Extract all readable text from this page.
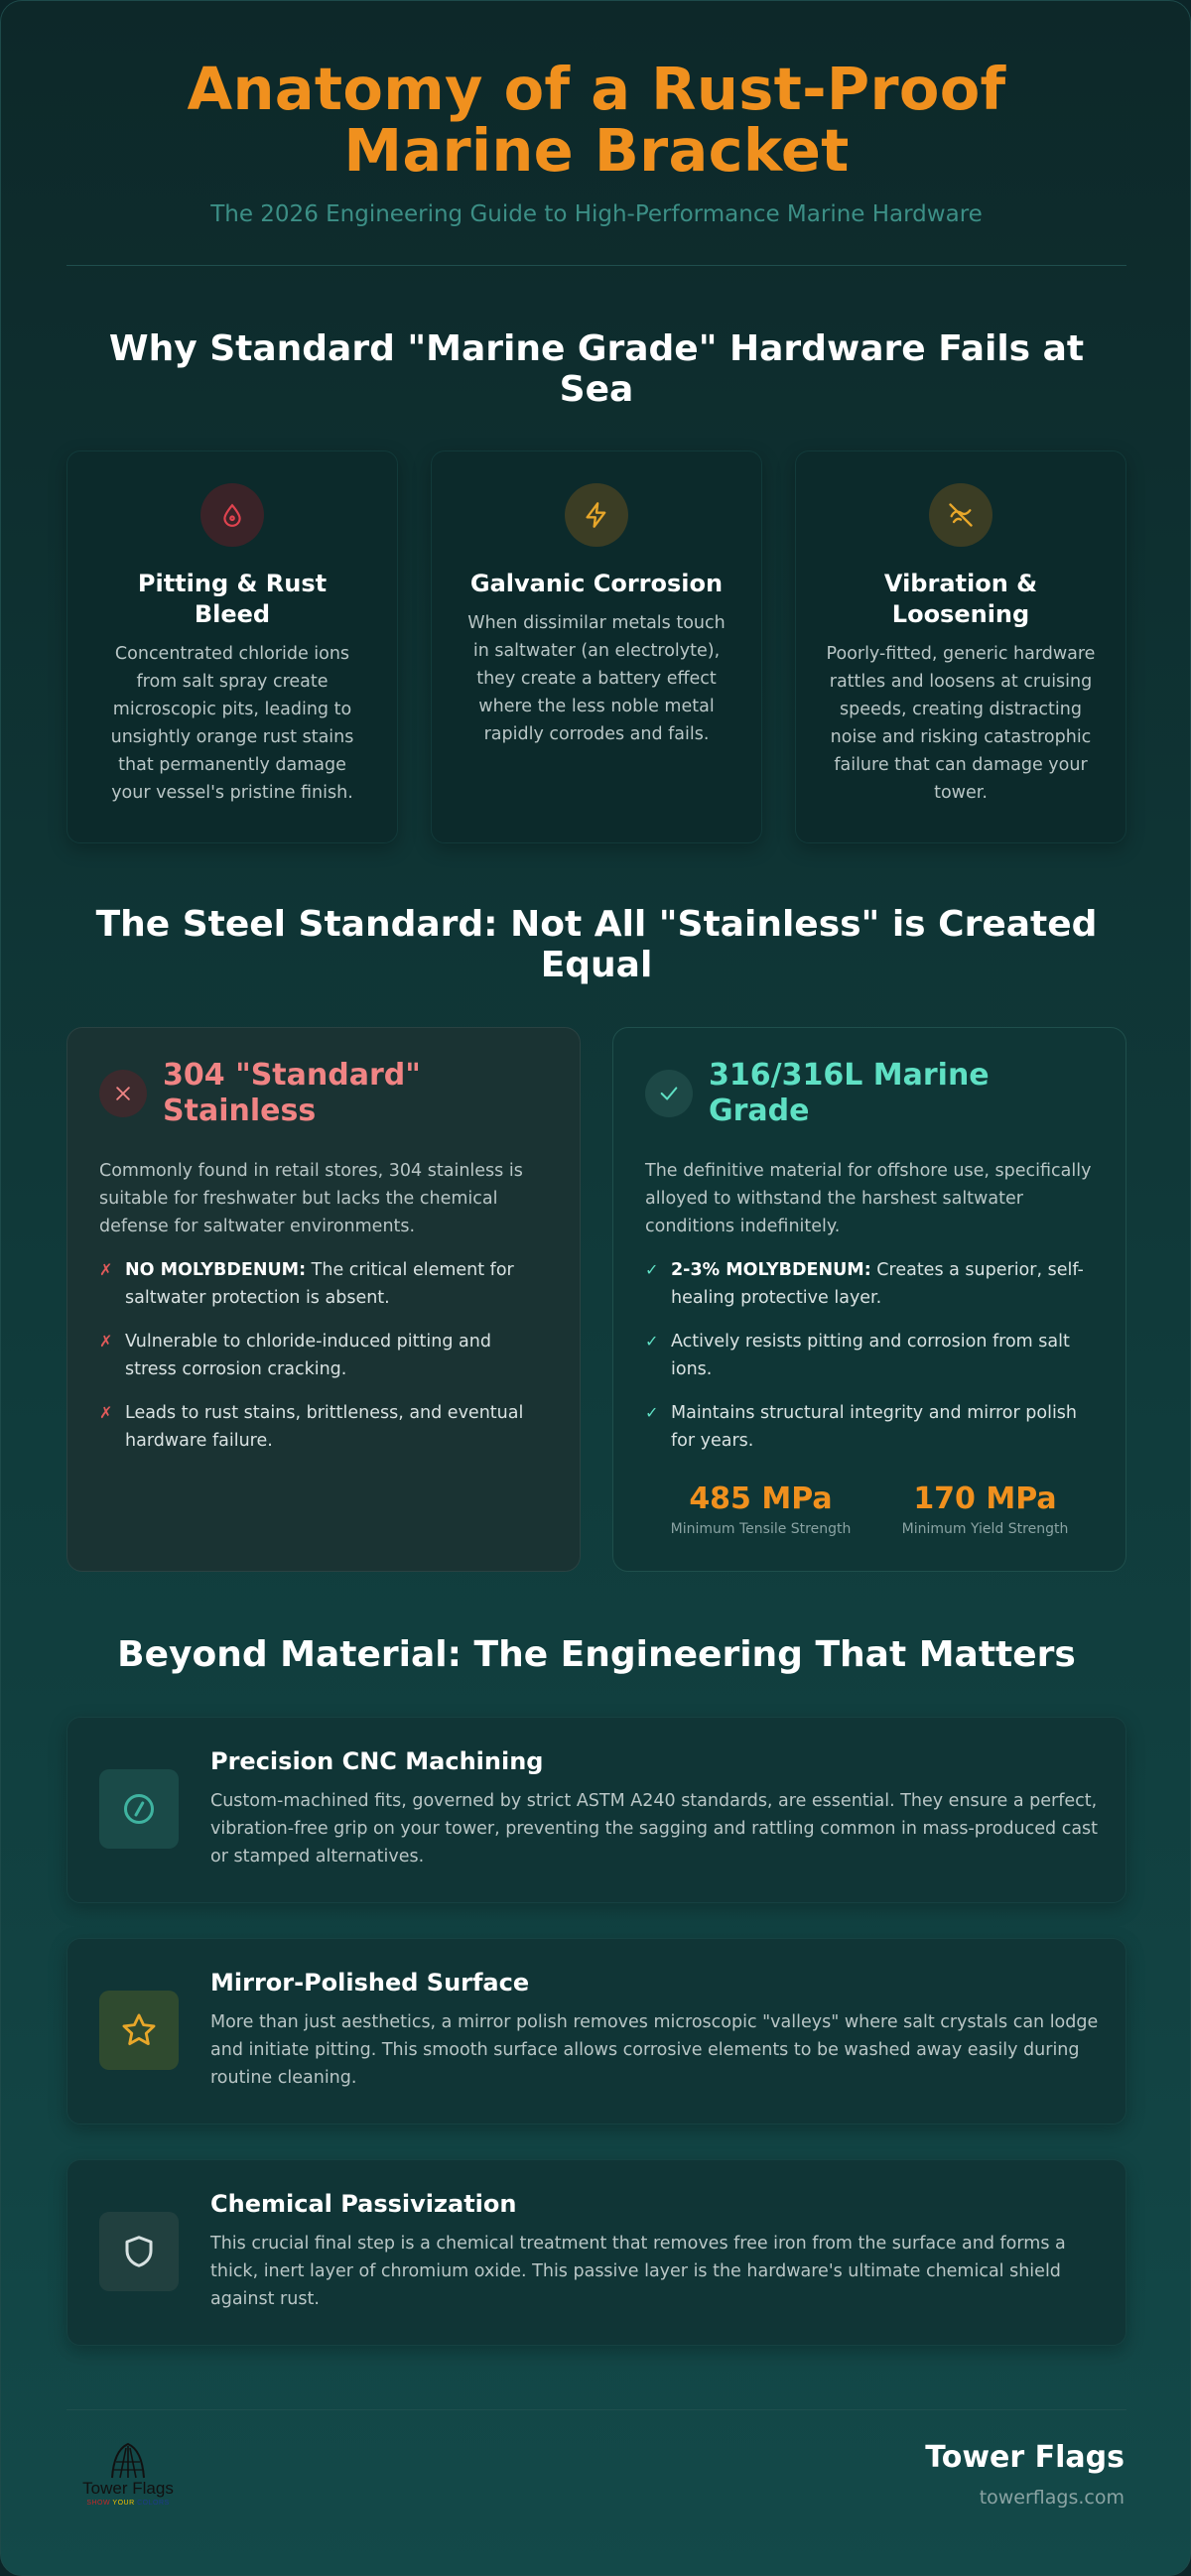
Anatomy of a Rust-Proof Marine Bracket
The 2026 Engineering Guide to High-Performance Marine Hardware
Why Standard "Marine Grade" Hardware Fails at Sea
Pitting & Rust Bleed

Concentrated chloride ions from salt spray create microscopic pits, leading to unsightly orange rust stains that permanently damage your vessel's pristine finish.

Galvanic Corrosion

When dissimilar metals touch in saltwater (an electrolyte), they create a battery effect where the less noble metal rapidly corrodes and fails.

Vibration & Loosening

Poorly-fitted, generic hardware rattles and loosens at cruising speeds, creating distracting noise and risking catastrophic failure that can damage your tower.

The Steel Standard: Not All "Stainless" is Created Equal
304 "Standard" Stainless

Commonly found in retail stores, 304 stainless is suitable for freshwater but lacks the chemical defense for saltwater environments.

✗ NO MOLYBDENUM: The critical element for saltwater protection is absent.
✗ Vulnerable to chloride-induced pitting and stress corrosion cracking.
✗ Leads to rust stains, brittleness, and eventual hardware failure.
316/316L Marine Grade

The definitive material for offshore use, specifically alloyed to withstand the harshest saltwater conditions indefinitely.

✓ 2-3% MOLYBDENUM: Creates a superior, self-healing protective layer.
✓ Actively resists pitting and corrosion from salt ions.
✓ Maintains structural integrity and mirror polish for years.
485 MPa
Minimum Tensile Strength
170 MPa
Minimum Yield Strength
Beyond Material: The Engineering That Matters
Precision CNC Machining
Custom-machined fits, governed by strict ASTM A240 standards, are essential. They ensure a perfect, vibration-free grip on your tower, preventing the sagging and rattling common in mass-produced cast or stamped alternatives.
Mirror-Polished Surface
More than just aesthetics, a mirror polish removes microscopic "valleys" where salt crystals can lodge and initiate pitting. This smooth surface allows corrosive elements to be washed away easily during routine cleaning.
Chemical Passivization
This crucial final step is a chemical treatment that removes free iron from the surface and forms a thick, inert layer of chromium oxide. This passive layer is the hardware's ultimate chemical shield against rust.
Tower Flags
SHOW YOUR COLORS
Tower Flags
towerflags.com
